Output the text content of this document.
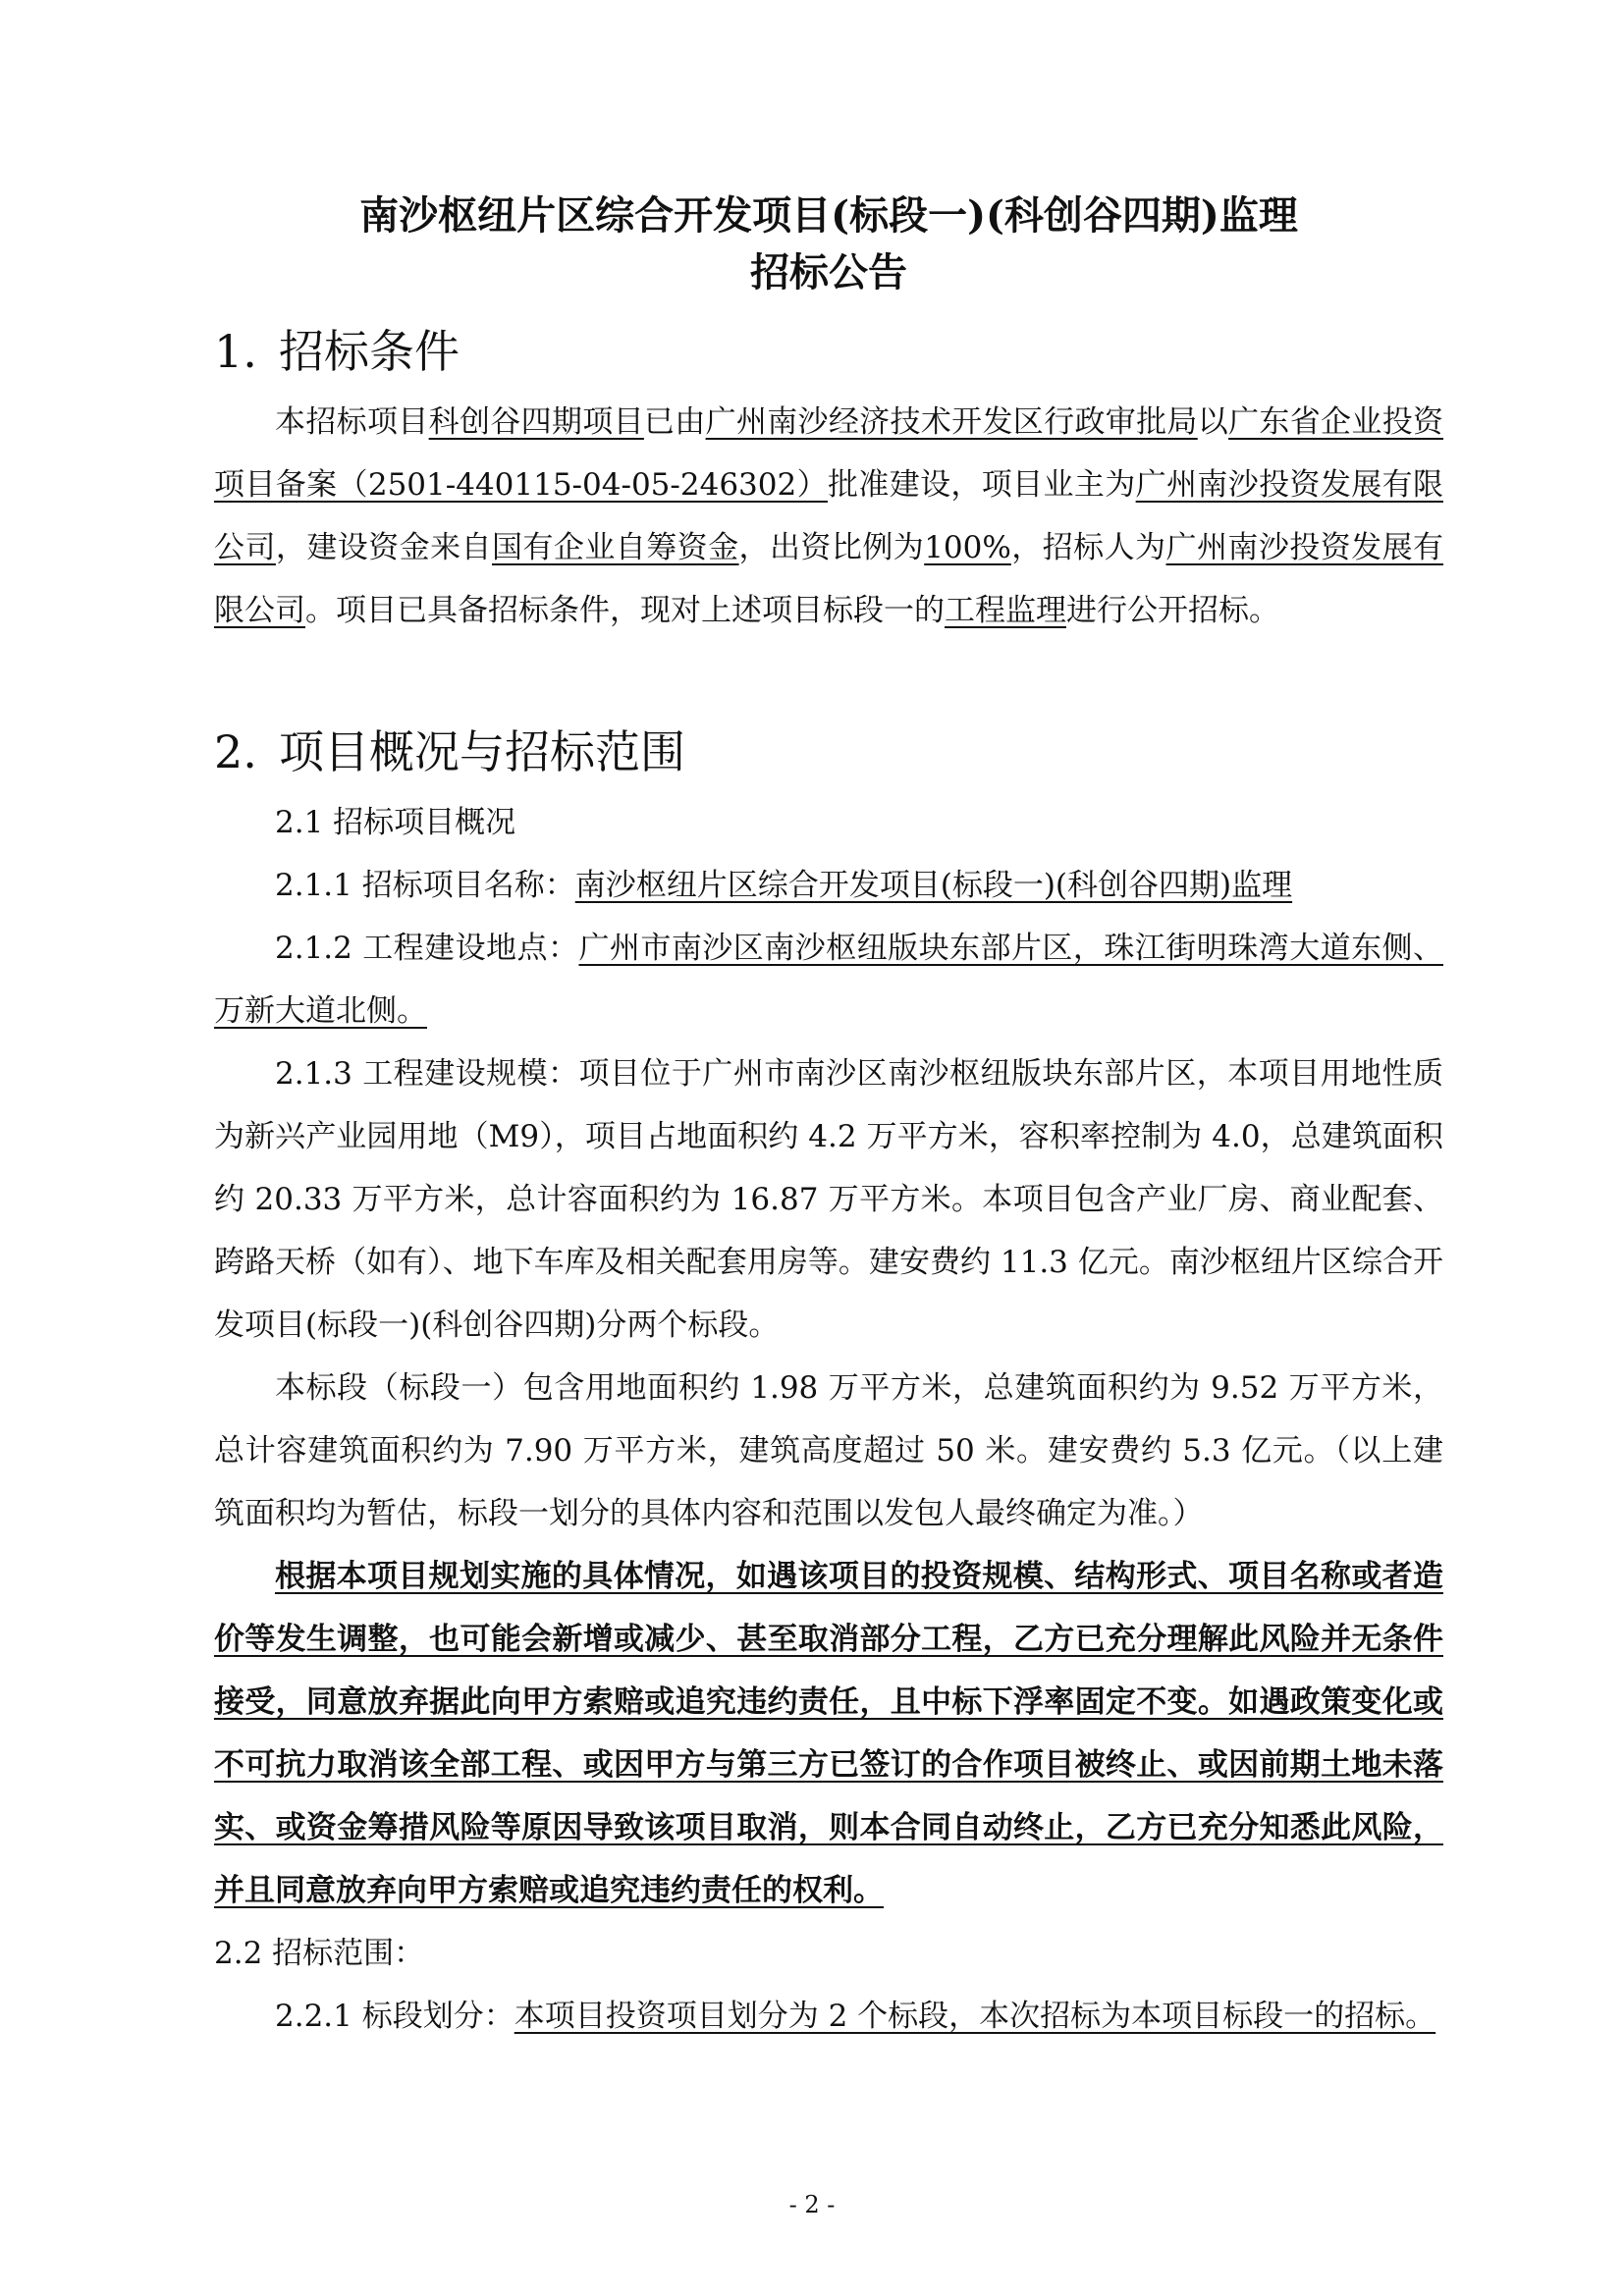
南沙枢纽片区综合开发项目(标段一)(科创谷四期)监理
招标公告
1. 招标条件
本招标项目科创谷四期项目已由广州南沙经济技术开发区行政审批局以广东省企业投资项目备案（2501-440115-04-05-246302）批准建设，项目业主为广州南沙投资发展有限公司，建设资金来自国有企业自筹资金，出资比例为100%，招标人为广州南沙投资发展有限公司。项目已具备招标条件，现对上述项目标段一的工程监理进行公开招标。
2. 项目概况与招标范围
2.1 招标项目概况
2.1.1 招标项目名称：南沙枢纽片区综合开发项目(标段一)(科创谷四期)监理
2.1.2 工程建设地点：广州市南沙区南沙枢纽版块东部片区，珠江街明珠湾大道东侧、万新大道北侧。
2.1.3 工程建设规模：项目位于广州市南沙区南沙枢纽版块东部片区，本项目用地性质为新兴产业园用地（M9），项目占地面积约 4.2 万平方米，容积率控制为 4.0，总建筑面积约 20.33 万平方米，总计容面积约为 16.87 万平方米。本项目包含产业厂房、商业配套、跨路天桥（如有）、地下车库及相关配套用房等。建安费约 11.3 亿元。南沙枢纽片区综合开发项目(标段一)(科创谷四期)分两个标段。
本标段（标段一）包含用地面积约 1.98 万平方米，总建筑面积约为 9.52 万平方米，总计容建筑面积约为 7.90 万平方米，建筑高度超过 50 米。建安费约 5.3 亿元。（以上建筑面积均为暂估，标段一划分的具体内容和范围以发包人最终确定为准。）
根据本项目规划实施的具体情况，如遇该项目的投资规模、结构形式、项目名称或者造价等发生调整，也可能会新增或减少、甚至取消部分工程，乙方已充分理解此风险并无条件接受，同意放弃据此向甲方索赔或追究违约责任，且中标下浮率固定不变。如遇政策变化或不可抗力取消该全部工程、或因甲方与第三方已签订的合作项目被终止、或因前期土地未落实、或资金筹措风险等原因导致该项目取消，则本合同自动终止，乙方已充分知悉此风险，并且同意放弃向甲方索赔或追究违约责任的权利。
2.2 招标范围：
2.2.1 标段划分：本项目投资项目划分为 2 个标段，本次招标为本项目标段一的招标。
- 2 -
